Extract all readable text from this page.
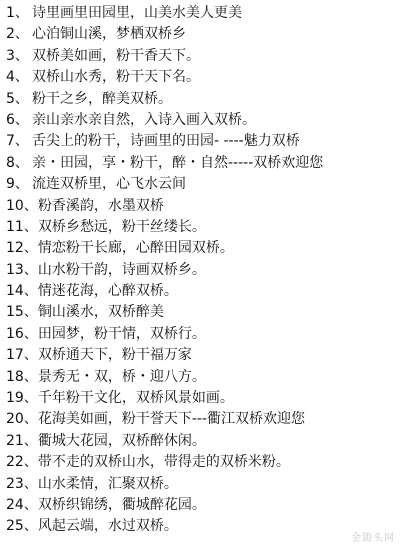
1、 诗里画里田园里，山美水美人更美
2、 心泊铜山溪，梦栖双桥乡
3、 双桥美如画，粉干香天下。
4、 双桥山水秀，粉干天下名。
5、 粉干之乡，醉美双桥。
6、 亲山亲水亲自然，入诗入画入双桥。
7、 舌尖上的粉干，诗画里的田园- ----魅力双桥
8、 亲・田园，享・粉干，醉・自然-----双桥欢迎您
9、 流连双桥里，心飞水云间
10、粉香溪韵，水墨双桥
11、双桥乡愁远，粉干丝缕长。
12、情恋粉干长廊，心醉田园双桥。
13、山水粉干韵，诗画双桥乡。
14、情迷花海，心醉双桥。
15、铜山溪水，双桥醉美
16、田园梦，粉干情，双桥行。
17、双桥通天下，粉干福万家
18、景秀无・双，桥・迎八方。
19、千年粉干文化，双桥风景如画。
20、花海美如画，粉干誉天下---衢江双桥欢迎您
21、衢城大花园，双桥醉休闲。
22、带不走的双桥山水，带得走的双桥米粉。
23、山水柔情，汇聚双桥。
24、双桥织锦绣，衢城醉花园。
25、风起云端，水过双桥。
金锄头网
